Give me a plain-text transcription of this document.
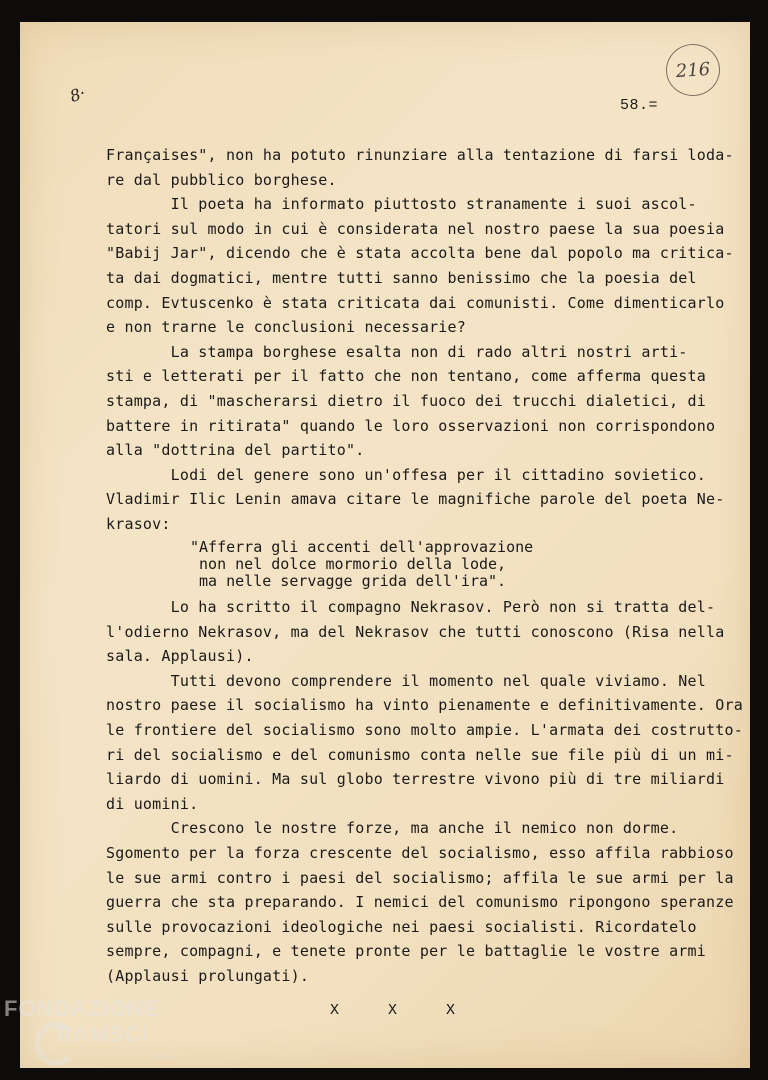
216
8·	58.=
Françaises", non ha potuto rinunziare alla tentazione di farsi loda-
re dal pubblico borghese.
Il poeta ha informato piuttosto stranamente i suoi ascol-
tatori sul modo in cui è considerata nel nostro paese la sua poesia
"Babij Jar", dicendo che è stata accolta bene dal popolo ma critica-
ta dai dogmatici, mentre tutti sanno benissimo che la poesia del
comp. Evtuscenko è stata criticata dai comunisti. Come dimenticarlo
e non trarne le conclusioni necessarie?
La stampa borghese esalta non di rado altri nostri arti-
sti e letterati per il fatto che non tentano, come afferma questa
stampa, di "mascherarsi dietro il fuoco dei trucchi dialetici, di
battere in ritirata" quando le loro osservazioni non corrispondono
alla "dottrina del partito".
Lodi del genere sono un'offesa per il cittadino sovietico.
Vladimir Ilic Lenin amava citare le magnifiche parole del poeta Ne-
krasov:
"Afferra gli accenti dell'approvazione
non nel dolce mormorio della lode,
ma nelle servagge grida dell'ira".
Lo ha scritto il compagno Nekrasov. Però non si tratta del-
l'odierno Nekrasov, ma del Nekrasov che tutti conoscono (Risa nella
sala. Applausi).
Tutti devono comprendere il momento nel quale viviamo. Nel
nostro paese il socialismo ha vinto pienamente e definitivamente. Ora
le frontiere del socialismo sono molto ampie. L'armata dei costrutto-
ri del socialismo e del comunismo conta nelle sue file più di un mi-
liardo di uomini. Ma sul globo terrestre vivono più di tre miliardi
di uomini.
Crescono le nostre forze, ma anche il nemico non dorme.
Sgomento per la forza crescente del socialismo, esso affila rabbioso
le sue armi contro i paesi del socialismo; affila le sue armi per la
guerra che sta preparando. I nemici del comunismo ripongono speranze
sulle provocazioni ideologiche nei paesi socialisti. Ricordatelo
sempre, compagni, e tenete pronte per le battaglie le vostre armi
(Applausi prolungati).
X X X
FONDAZIONE
RAMSCI
onlus
